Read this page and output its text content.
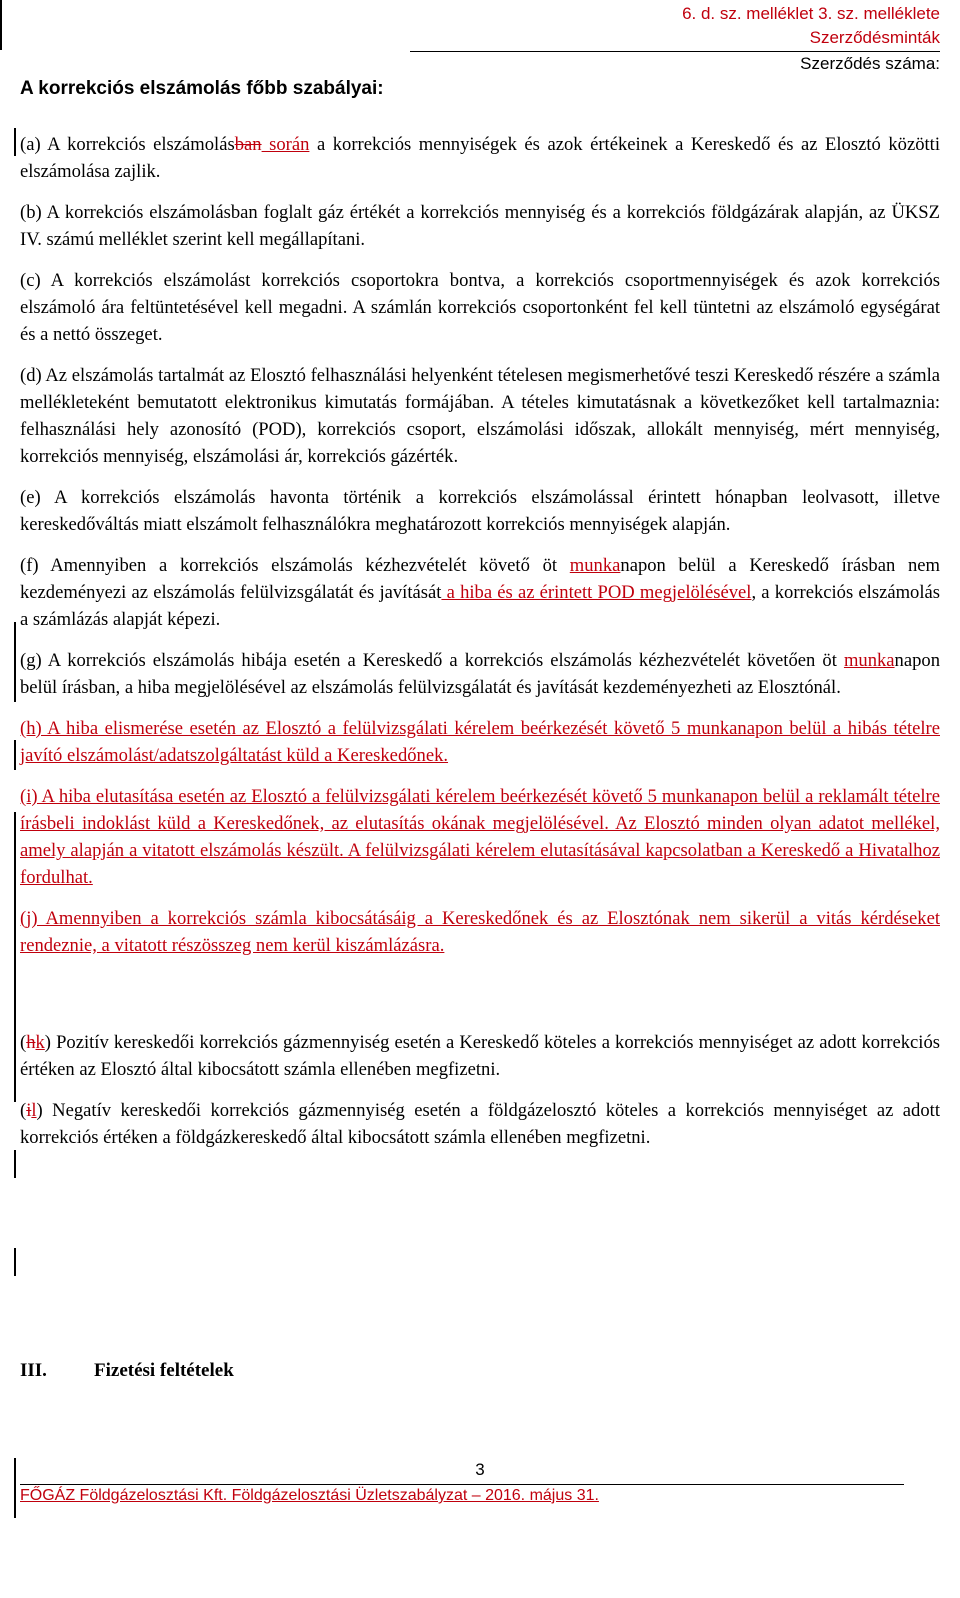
6. d. sz. melléklet 3. sz. melléklete
Szerződésminták
Szerződés száma:
A korrekciós elszámolás főbb szabályai:

(a) A korrekciós elszámolásban során a korrekciós mennyiségek és azok értékeinek a Kereskedő és az Elosztó közötti elszámolása zajlik.

(b) A korrekciós elszámolásban foglalt gáz értékét a korrekciós mennyiség és a korrekciós földgázárak alapján, az ÜKSZ IV. számú melléklet szerint kell megállapítani.

(c) A korrekciós elszámolást korrekciós csoportokra bontva, a korrekciós csoportmennyiségek és azok korrekciós elszámoló ára feltüntetésével kell megadni. A számlán korrekciós csoportonként fel kell tüntetni az elszámoló egységárat és a nettó összeget.

(d) Az elszámolás tartalmát az Elosztó felhasználási helyenként tételesen megismerhetővé teszi Kereskedő részére a számla mellékleteként bemutatott elektronikus kimutatás formájában. A tételes kimutatásnak a következőket kell tartalmaznia: felhasználási hely azonosító (POD), korrekciós csoport, elszámolási időszak, allokált mennyiség, mért mennyiség, korrekciós mennyiség, elszámolási ár, korrekciós gázérték.

(e) A korrekciós elszámolás havonta történik a korrekciós elszámolással érintett hónapban leolvasott, illetve kereskedőváltás miatt elszámolt felhasználókra meghatározott korrekciós mennyiségek alapján.

(f) Amennyiben a korrekciós elszámolás kézhezvételét követő öt munkanapon belül a Kereskedő írásban nem kezdeményezi az elszámolás felülvizsgálatát és javítását a hiba és az érintett POD megjelölésével, a korrekciós elszámolás a számlázás alapját képezi.

(g) A korrekciós elszámolás hibája esetén a Kereskedő a korrekciós elszámolás kézhezvételét követően öt munkanapon belül írásban, a hiba megjelölésével az elszámolás felülvizsgálatát és javítását kezdeményezheti az Elosztónál.

(h) A hiba elismerése esetén az Elosztó a felülvizsgálati kérelem beérkezését követő 5 munkanapon belül a hibás tételre javító elszámolást/adatszolgáltatást küld a Kereskedőnek.

(i) A hiba elutasítása esetén az Elosztó a felülvizsgálati kérelem beérkezését követő 5 munkanapon belül a reklamált tételre írásbeli indoklást küld a Kereskedőnek, az elutasítás okának megjelölésével. Az Elosztó minden olyan adatot mellékel, amely alapján a vitatott elszámolás készült. A felülvizsgálati kérelem elutasításával kapcsolatban a Kereskedő a Hivatalhoz fordulhat.

(j) Amennyiben a korrekciós számla kibocsátásáig a Kereskedőnek és az Elosztónak nem sikerül a vitás kérdéseket rendeznie, a vitatott részösszeg nem kerül kiszámlázásra.

(hk) Pozitív kereskedői korrekciós gázmennyiség esetén a Kereskedő köteles a korrekciós mennyiséget az adott korrekciós értéken az Elosztó által kibocsátott számla ellenében megfizetni.

(il) Negatív kereskedői korrekciós gázmennyiség esetén a földgázelosztó köteles a korrekciós mennyiséget az adott korrekciós értéken a földgázkereskedő által kibocsátott számla ellenében megfizetni.

III. Fizetési feltételek
3
FŐGÁZ Földgázelosztási Kft. Földgázelosztási Üzletszabályzat – 2016. május 31.
